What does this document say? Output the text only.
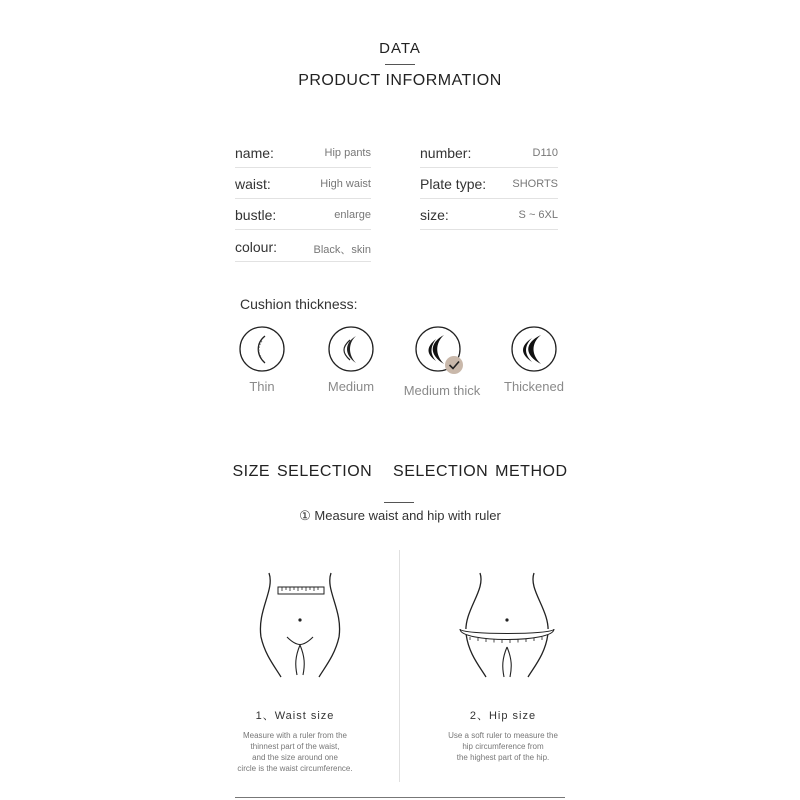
DATA
PRODUCT INFORMATION
name:	Hip pants
waist:	High waist
bustle:	enlarge
colour:	Black、skin
number:	D110
Plate type: SHORTS
size:	S ~ 6XL
Cushion thickness:
Thin	Medium	Medium thick	Thickened
SIZE SELECTION   SELECTION METHOD
① Measure waist and hip with ruler
1、Waist size
Measure with a ruler from the
thinnest part of the waist,
and the size around one
circle is the waist circumference.
2、Hip size
Use a soft ruler to measure the
hip circumference from
the highest part of the hip.
